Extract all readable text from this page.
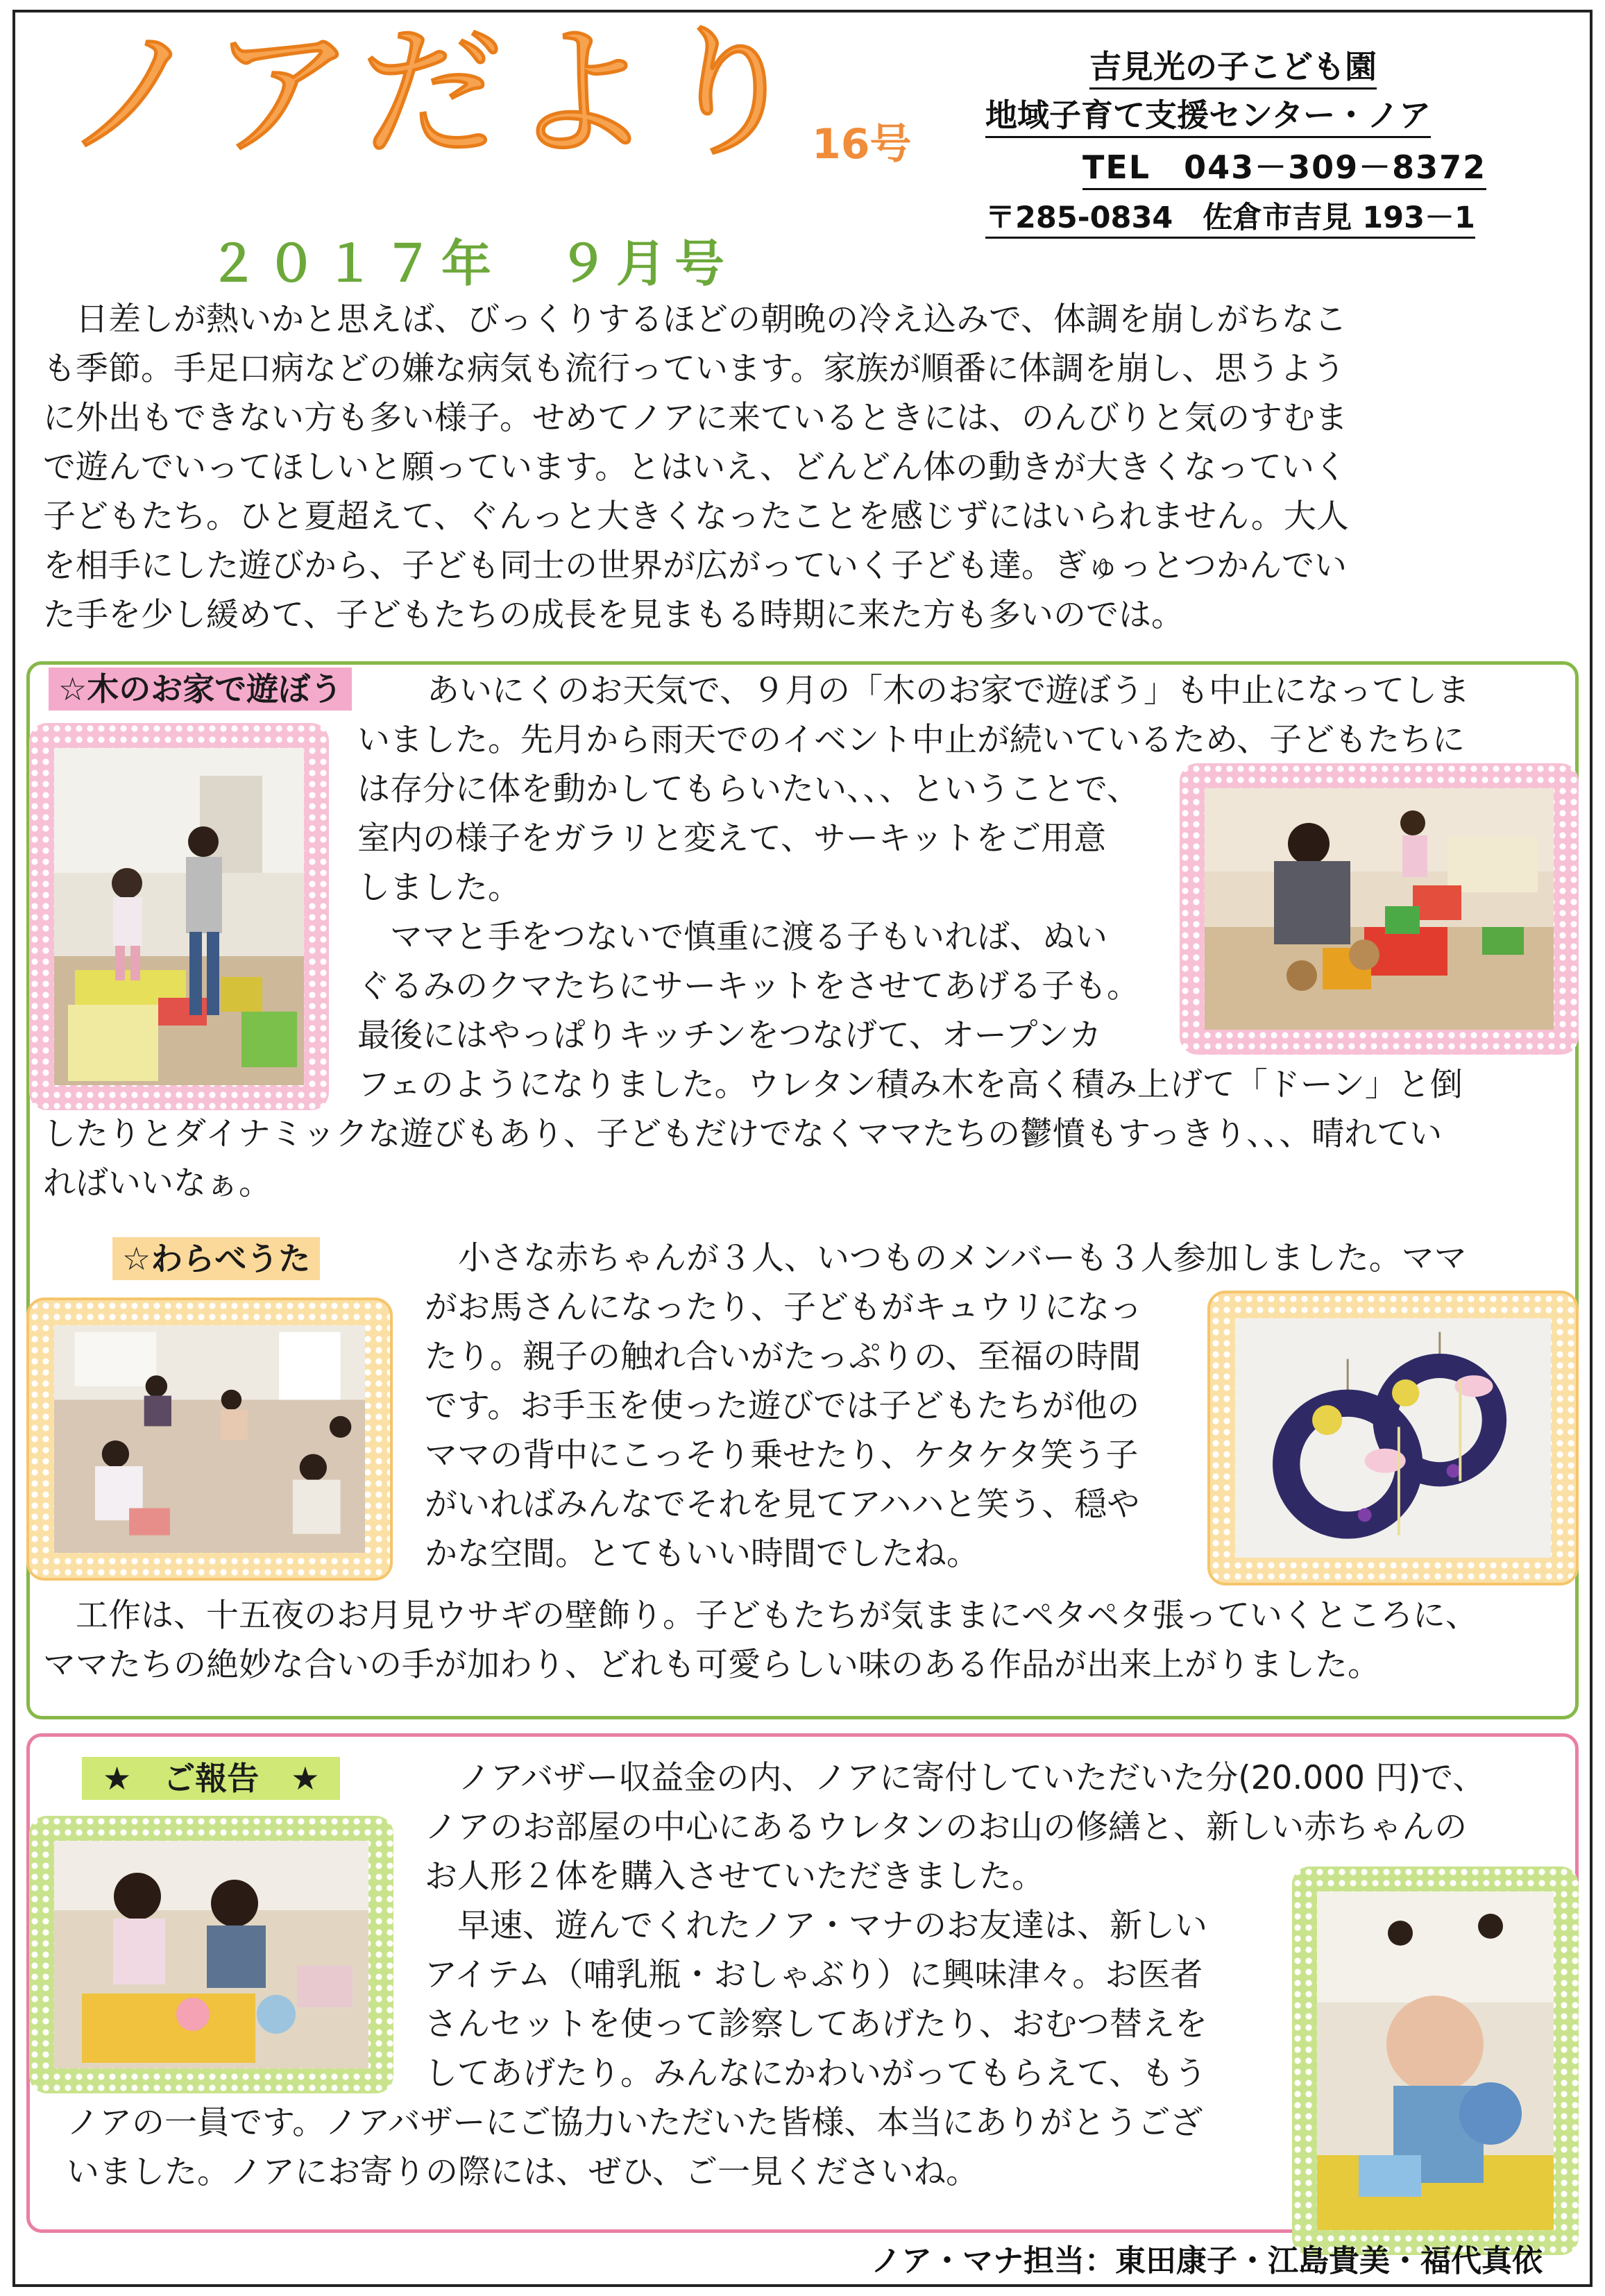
ノアだより 16号
２０１７年　９月号
吉見光の子こども園
地域子育て支援センター・ノア
TEL　043－309－8372
〒285-0834　佐倉市吉見 193－1
　日差しが熱いかと思えば、びっくりするほどの朝晩の冷え込みで、体調を崩しがちなこ
も季節。手足口病などの嫌な病気も流行っています。家族が順番に体調を崩し、思うよう
に外出もできない方も多い様子。せめてノアに来ているときには、のんびりと気のすむま
で遊んでいってほしいと願っています。とはいえ、どんどん体の動きが大きくなっていく
子どもたち。ひと夏超えて、ぐんっと大きくなったことを感じずにはいられません。大人
を相手にした遊びから、子ども同士の世界が広がっていく子ども達。ぎゅっとつかんでい
た手を少し緩めて、子どもたちの成長を見まもる時期に来た方も多いのでは。
☆木のお家で遊ぼう	あいにくのお天気で、９月の「木のお家で遊ぼう」も中止になってしま
いました。先月から雨天でのイベント中止が続いているため、子どもたちに
は存分に体を動かしてもらいたい、、、ということで、
室内の様子をガラリと変えて、サーキットをご用意
しました。
　ママと手をつないで慎重に渡る子もいれば、ぬい
ぐるみのクマたちにサーキットをさせてあげる子も。
最後にはやっぱりキッチンをつなげて、オープンカ
フェのようになりました。ウレタン積み木を高く積み上げて「ドーン」と倒
したりとダイナミックな遊びもあり、子どもだけでなくママたちの鬱憤もすっきり、、、晴れてい
ればいいなぁ。
☆わらべうた	小さな赤ちゃんが３人、いつものメンバーも３人参加しました。ママ
がお馬さんになったり、子どもがキュウリになっ
たり。親子の触れ合いがたっぷりの、至福の時間
です。お手玉を使った遊びでは子どもたちが他の
ママの背中にこっそり乗せたり、ケタケタ笑う子
がいればみんなでそれを見てアハハと笑う、穏や
かな空間。とてもいい時間でしたね。
　工作は、十五夜のお月見ウサギの壁飾り。子どもたちが気ままにペタペタ張っていくところに、
ママたちの絶妙な合いの手が加わり、どれも可愛らしい味のある作品が出来上がりました。
★　ご報告　★	ノアバザー収益金の内、ノアに寄付していただいた分(20.000 円)で、
ノアのお部屋の中心にあるウレタンのお山の修繕と、新しい赤ちゃんの
お人形２体を購入させていただきました。
　早速、遊んでくれたノア・マナのお友達は、新しい
アイテム（哺乳瓶・おしゃぶり）に興味津々。お医者
さんセットを使って診察してあげたり、おむつ替えを
してあげたり。みんなにかわいがってもらえて、もう
ノアの一員です。ノアバザーにご協力いただいた皆様、本当にありがとうござ
いました。ノアにお寄りの際には、ぜひ、ご一見くださいね。
ノア・マナ担当：東田康子・江島貴美・福代真依
